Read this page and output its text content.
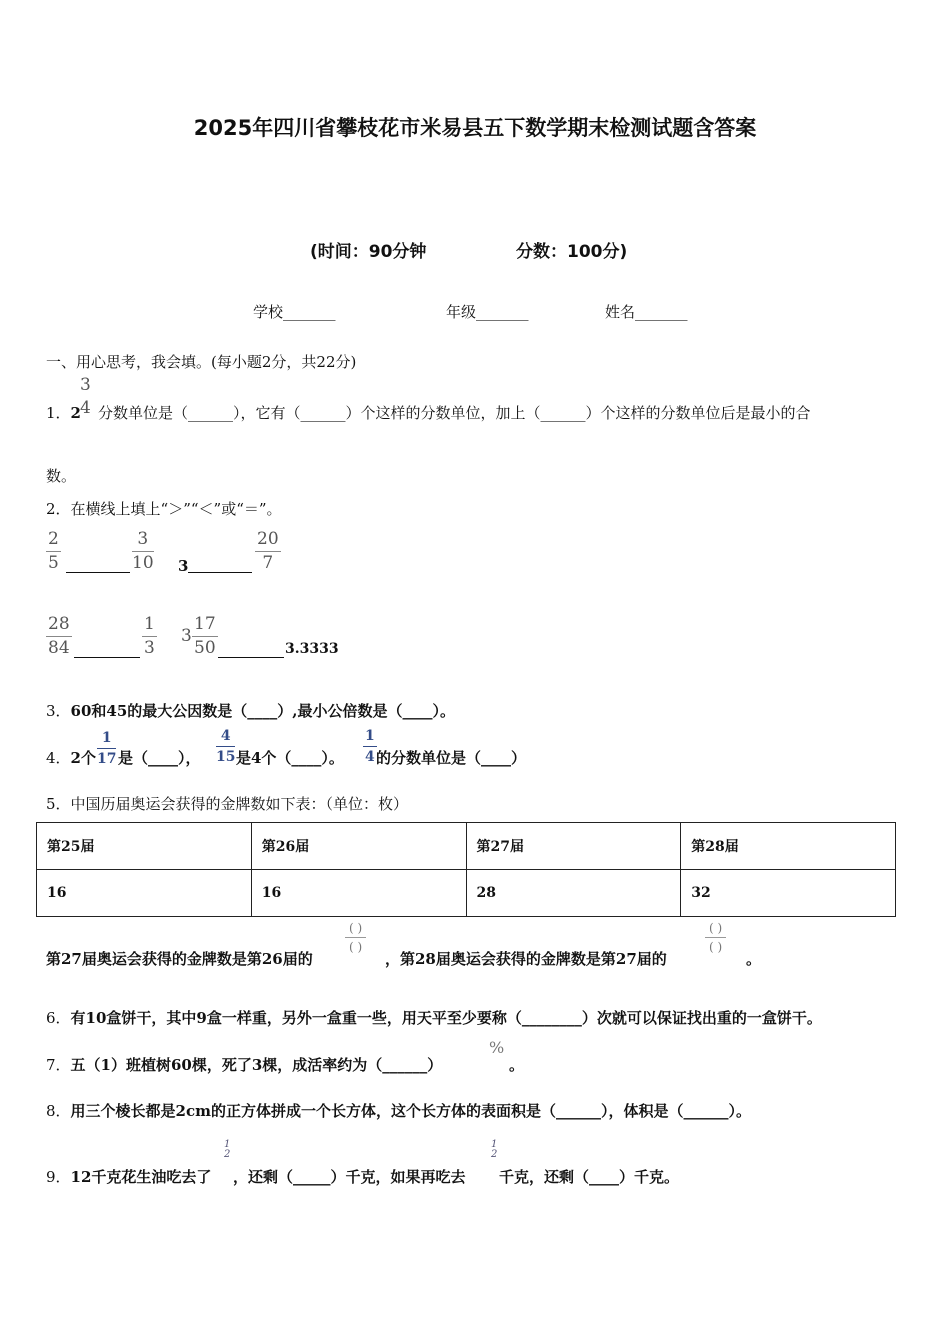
2025年四川省攀枝花市米易县五下数学期末检测试题含答案
(时间：90分钟	分数：100分)
学校_______	年级_______	姓名_______
一、用心思考，我会填。(每小题2分，共22分)
1．2
3
4 分数单位是（______），它有（______）个这样的分数单位，加上（______）个这样的分数单位后是最小的合
数。
2．在横线上填上“＞”“＜”或“＝”。
$\frac{2}{5}$	$\frac{3}{10} 3$	$\frac{20}{7}$
$\frac{28}{84}$	$\frac{1}{3} 3 \frac{17}{50}$	3.3333
3．60和45的最大公因数是（____）,最小公倍数是（____）。
4．2个 $\frac{1}{17}$ 是（____）， $\frac{4}{15}$ 是4个（____）。 $\frac{1}{4}$ 的分数单位是（____）
5．中国历届奥运会获得的金牌数如下表：（单位：枚）
第25届	第26届	第27届	第28届
16	16	28	32
第27届奥运会获得的金牌数是第26届的
( )
( )
，第28届奥运会获得的金牌数是第27届的
( )
( )
。
6．有10盒饼干，其中9盒一样重，另外一盒重一些，用天平至少要称（________）次就可以保证找出重的一盒饼干。
7．五（1）班植树60棵，死了3棵，成活率约为（______）
%
。
8．用三个棱长都是2cm的正方体拼成一个长方体，这个长方体的表面积是（______），体积是（______）。
9．12千克花生油吃去了
1
2
，还剩（_____）千克，如果再吃去
1
2
千克，还剩（____）千克。
